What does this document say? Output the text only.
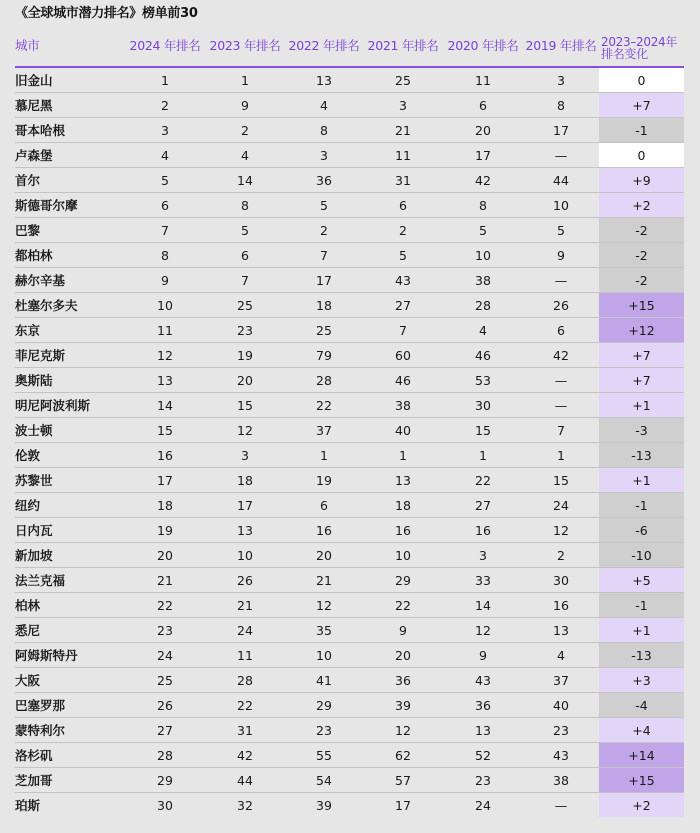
《全球城市潜力排名》榜单前30
城市	2024 年排名	2023 年排名	2022 年排名	2021 年排名	2020 年排名	2019 年排名	2023–2024年排名变化
旧金山	1	1	13	25	11	3	0
慕尼黑	2	9	4	3	6	8	+7
哥本哈根	3	2	8	21	20	17	-1
卢森堡	4	4	3	11	17	—	0
首尔	5	14	36	31	42	44	+9
斯德哥尔摩	6	8	5	6	8	10	+2
巴黎	7	5	2	2	5	5	-2
都柏林	8	6	7	5	10	9	-2
赫尔辛基	9	7	17	43	38	—	-2
杜塞尔多夫	10	25	18	27	28	26	+15
东京	11	23	25	7	4	6	+12
菲尼克斯	12	19	79	60	46	42	+7
奥斯陆	13	20	28	46	53	—	+7
明尼阿波利斯	14	15	22	38	30	—	+1
波士顿	15	12	37	40	15	7	-3
伦敦	16	3	1	1	1	1	-13
苏黎世	17	18	19	13	22	15	+1
纽约	18	17	6	18	27	24	-1
日内瓦	19	13	16	16	16	12	-6
新加坡	20	10	20	10	3	2	-10
法兰克福	21	26	21	29	33	30	+5
柏林	22	21	12	22	14	16	-1
悉尼	23	24	35	9	12	13	+1
阿姆斯特丹	24	11	10	20	9	4	-13
大阪	25	28	41	36	43	37	+3
巴塞罗那	26	22	29	39	36	40	-4
蒙特利尔	27	31	23	12	13	23	+4
洛杉矶	28	42	55	62	52	43	+14
芝加哥	29	44	54	57	23	38	+15
珀斯	30	32	39	17	24	—	+2
